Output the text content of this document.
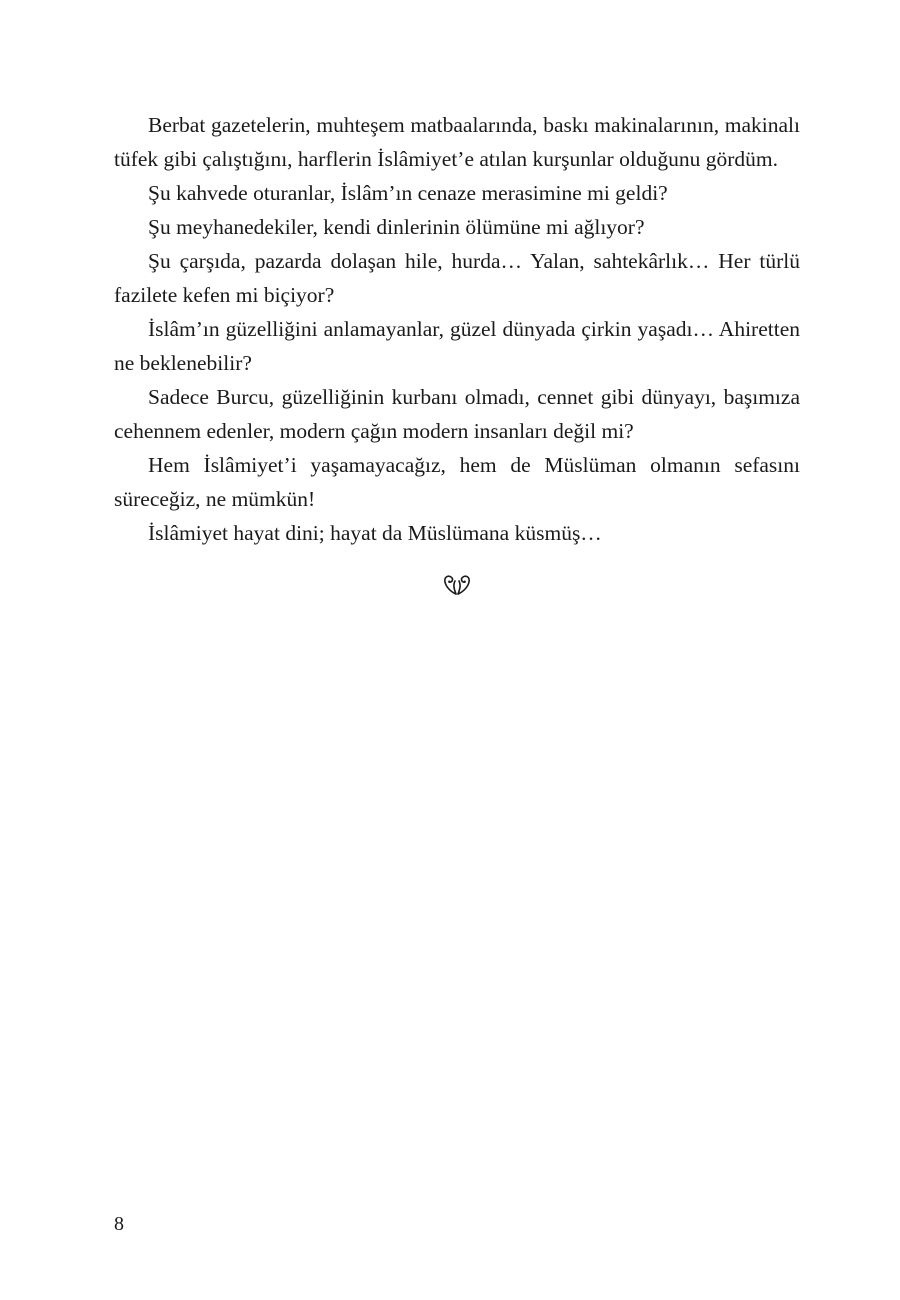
Berbat gazetelerin, muhteşem matbaalarında, baskı makinalarının, makinalı tüfek gibi çalıştığını, harflerin İslâmiyet’e atılan kurşunlar olduğunu gördüm.

Şu kahvede oturanlar, İslâm’ın cenaze merasimine mi geldi?

Şu meyhanedekiler, kendi dinlerinin ölümüne mi ağlıyor?

Şu çarşıda, pazarda dolaşan hile, hurda… Yalan, sahtekârlık… Her türlü fazilete kefen mi biçiyor?

İslâm’ın güzelliğini anlamayanlar, güzel dünyada çirkin yaşadı… Ahiretten ne beklenebilir?

Sadece Burcu, güzelliğinin kurbanı olmadı, cennet gibi dünyayı, başımıza cehennem edenler, modern çağın modern insanları değil mi?

Hem İslâmiyet’i yaşamayacağız, hem de Müslüman olmanın sefasını süreceğiz, ne mümkün!

İslâmiyet hayat dini; hayat da Müslümana küsmüş…

8
